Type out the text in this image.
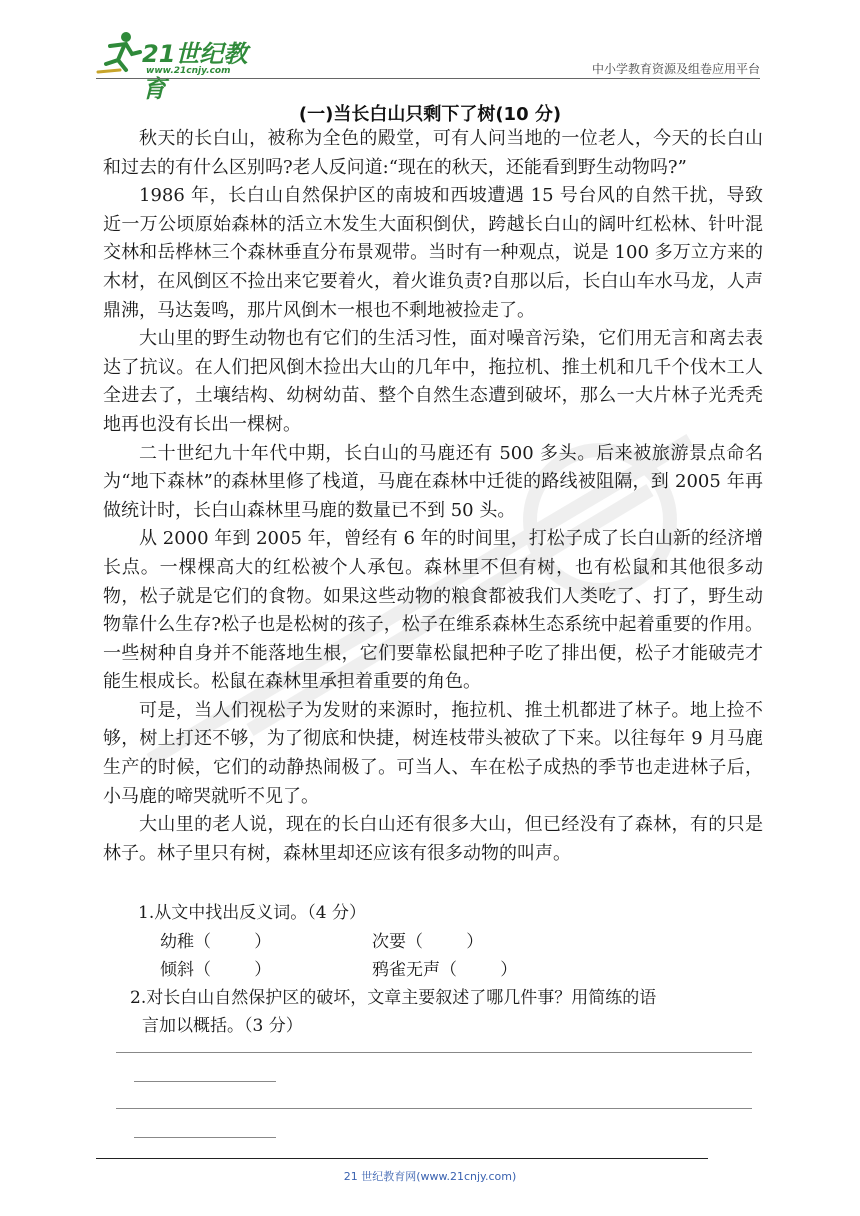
21世纪教育
www.21cnjy.com	中小学教育资源及组卷应用平台
(一)当长白山只剩下了树(10 分)

秋天的长白山，被称为全色的殿堂，可有人问当地的一位老人，今天的长白山和过去的有什么区别吗?老人反问道:“现在的秋天，还能看到野生动物吗?”

1986 年，长白山自然保护区的南坡和西坡遭遇 15 号台风的自然干扰，导致近一万公顷原始森林的活立木发生大面积倒伏，跨越长白山的阔叶红松林、针叶混交林和岳桦林三个森林垂直分布景观带。当时有一种观点，说是 100 多万立方来的木材，在风倒区不捡出来它要着火，着火谁负责?自那以后，长白山车水马龙，人声鼎沸，马达轰鸣，那片风倒木一根也不剩地被捡走了。

大山里的野生动物也有它们的生活习性，面对噪音污染，它们用无言和离去表达了抗议。在人们把风倒木捡出大山的几年中，拖拉机、推土机和几千个伐木工人全进去了，土壤结构、幼树幼苗、整个自然生态遭到破坏，那么一大片林子光秃秃地再也没有长出一棵树。

二十世纪九十年代中期，长白山的马鹿还有 500 多头。后来被旅游景点命名为“地下森林”的森林里修了栈道，马鹿在森林中迁徙的路线被阻隔，到 2005 年再做统计时，长白山森林里马鹿的数量已不到 50 头。

从 2000 年到 2005 年，曾经有 6 年的时间里，打松子成了长白山新的经济增长点。一棵棵高大的红松被个人承包。森林里不但有树，也有松鼠和其他很多动物，松子就是它们的食物。如果这些动物的粮食都被我们人类吃了、打了，野生动物靠什么生存?松子也是松树的孩子，松子在维系森林生态系统中起着重要的作用。一些树种自身并不能落地生根，它们要靠松鼠把种子吃了排出便，松子才能破壳才能生根成长。松鼠在森林里承担着重要的角色。

可是，当人们视松子为发财的来源时，拖拉机、推土机都进了林子。地上捡不够，树上打还不够，为了彻底和快捷，树连枝带头被砍了下来。以往每年 9 月马鹿生产的时候，它们的动静热闹极了。可当人、车在松子成热的季节也走进林子后，小马鹿的啼哭就听不见了。

大山里的老人说，现在的长白山还有很多大山，但已经没有了森林，有的只是林子。林子里只有树，森林里却还应该有很多动物的叫声。

1.从文中找出反义词。（4 分）
幼稚（        ）	次要（        ）
倾斜（        ）	鸦雀无声（        ）
2.对长白山自然保护区的破坏，文章主要叙述了哪几件事？用简练的语
言加以概括。（3 分）
21 世纪教育网(www.21cnjy.com)
